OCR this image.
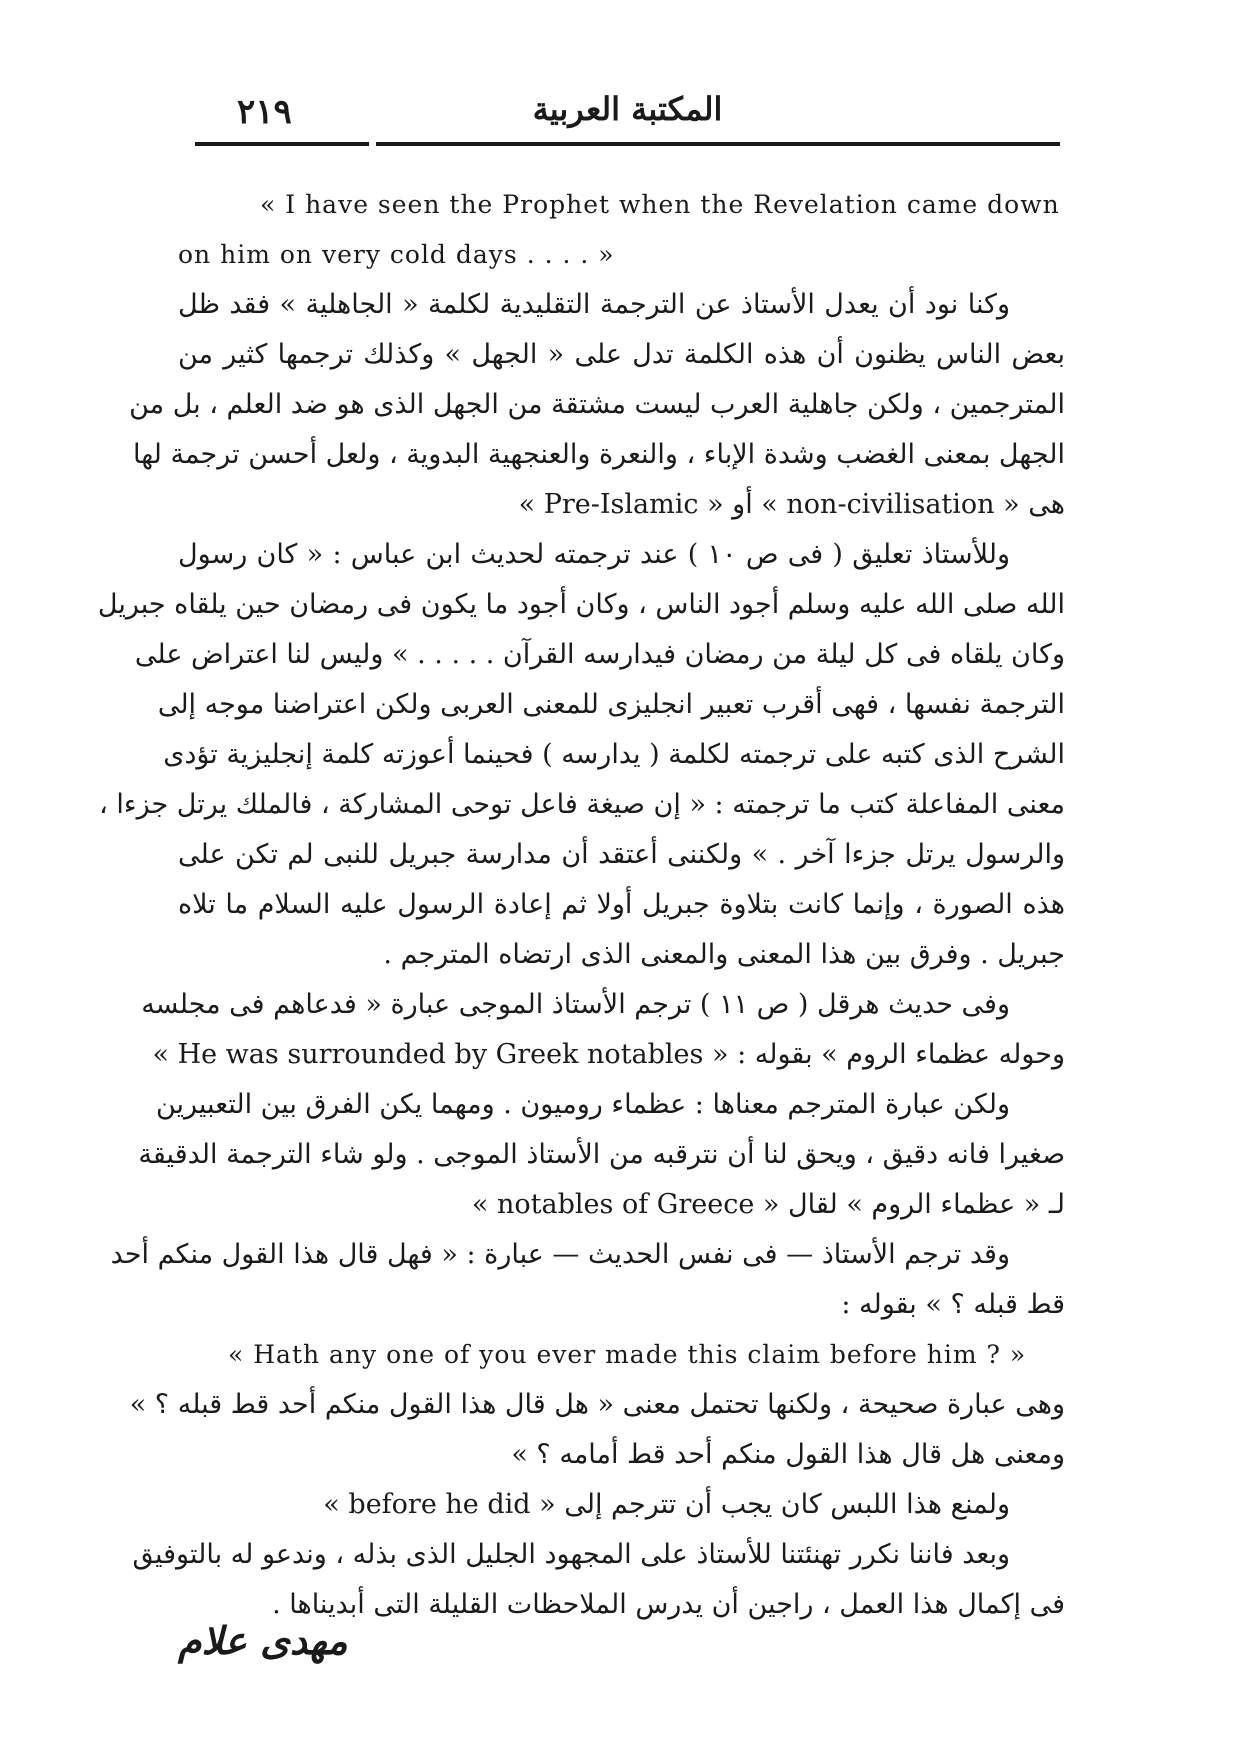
٢١٩	المكتبة العربية
« I have seen the Prophet when the Revelation came down
on him on very cold days . . . . »
وكنا نود أن يعدل الأستاذ عن الترجمة التقليدية لكلمة « الجاهلية » فقد ظل
بعض الناس يظنون أن هذه الكلمة تدل على « الجهل » وكذلك ترجمها كثير من
المترجمين ، ولكن جاهلية العرب ليست مشتقة من الجهل الذى هو ضد العلم ، بل من
الجهل بمعنى الغضب وشدة الإباء ، والنعرة والعنجهية البدوية ، ولعل أحسن ترجمة لها
هى « non-civilisation » أو « Pre-Islamic »
وللأستاذ تعليق ( فى ص ١٠ ) عند ترجمته لحديث ابن عباس : « كان رسول
الله صلى الله عليه وسلم أجود الناس ، وكان أجود ما يكون فى رمضان حين يلقاه جبريل
وكان يلقاه فى كل ليلة من رمضان فيدارسه القرآن . . . . . » وليس لنا اعتراض على
الترجمة نفسها ، فهى أقرب تعبير انجليزى للمعنى العربى ولكن اعتراضنا موجه إلى
الشرح الذى كتبه على ترجمته لكلمة ( يدارسه ) فحينما أعوزته كلمة إنجليزية تؤدى
معنى المفاعلة كتب ما ترجمته : « إن صيغة فاعل توحى المشاركة ، فالملك يرتل جزءا ،
والرسول يرتل جزءا آخر . » ولكننى أعتقد أن مدارسة جبريل للنبى لم تكن على
هذه الصورة ، وإنما كانت بتلاوة جبريل أولا ثم إعادة الرسول عليه السلام ما تلاه
جبريل . وفرق بين هذا المعنى والمعنى الذى ارتضاه المترجم .
وفى حديث هرقل ( ص ١١ ) ترجم الأستاذ الموجى عبارة « فدعاهم فى مجلسه
وحوله عظماء الروم » بقوله : « He was surrounded by Greek notables »
ولكن عبارة المترجم معناها : عظماء روميون . ومهما يكن الفرق بين التعبيرين
صغيرا فانه دقيق ، ويحق لنا أن نترقبه من الأستاذ الموجى . ولو شاء الترجمة الدقيقة
لـ « عظماء الروم » لقال « notables of Greece »
وقد ترجم الأستاذ — فى نفس الحديث — عبارة : « فهل قال هذا القول منكم أحد
قط قبله ؟ » بقوله :
« Hath any one of you ever made this claim before him ? »
وهى عبارة صحيحة ، ولكنها تحتمل معنى « هل قال هذا القول منكم أحد قط قبله ؟ »
ومعنى هل قال هذا القول منكم أحد قط أمامه ؟ »
ولمنع هذا اللبس كان يجب أن تترجم إلى « before he did »
وبعد فاننا نكرر تهنئتنا للأستاذ على المجهود الجليل الذى بذله ، وندعو له بالتوفيق
فى إكمال هذا العمل ، راجين أن يدرس الملاحظات القليلة التى أبديناها .
مهدى علام
